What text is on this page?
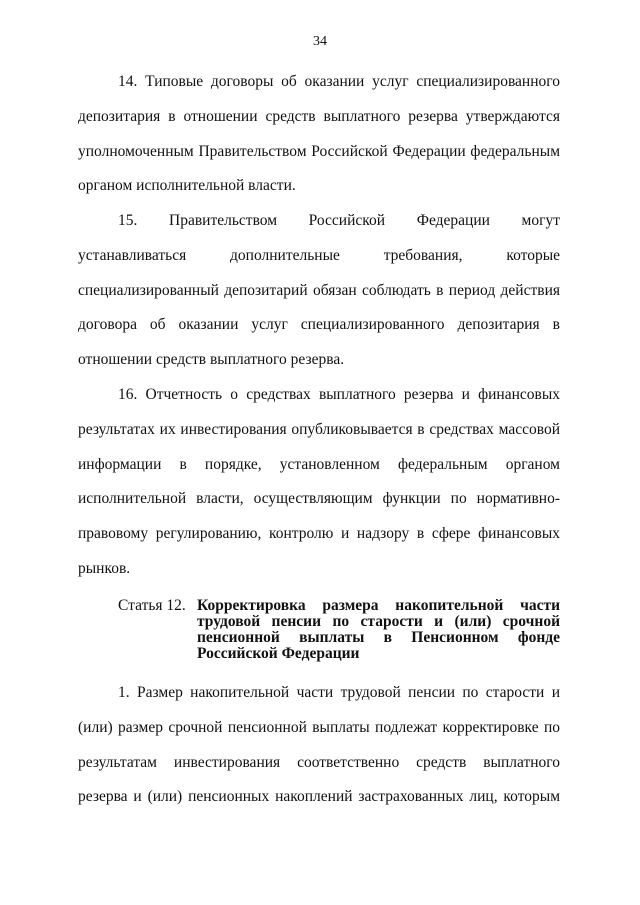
34

14. Типовые договоры об оказании услуг специализированного депозитария в отношении средств выплатного резерва утверждаются уполномоченным Правительством Российской Федерации федеральным органом исполнительной власти.

15. Правительством Российской Федерации могут устанавливаться дополнительные требования, которые специализированный депозитарий обязан соблюдать в период действия договора об оказании услуг специализированного депозитария в отношении средств выплатного резерва.

16. Отчетность о средствах выплатного резерва и финансовых результатах их инвестирования опубликовывается в средствах массовой информации в порядке, установленном федеральным органом исполнительной власти, осуществляющим функции по нормативно-правовому регулированию, контролю и надзору в сфере финансовых рынков.

Статья 12. Корректировка размера накопительной части трудовой пенсии по старости и (или) срочной пенсионной выплаты в Пенсионном фонде Российской Федерации

1. Размер накопительной части трудовой пенсии по старости и (или) размер срочной пенсионной выплаты подлежат корректировке по результатам инвестирования соответственно средств выплатного резерва и (или) пенсионных накоплений застрахованных лиц, которым
